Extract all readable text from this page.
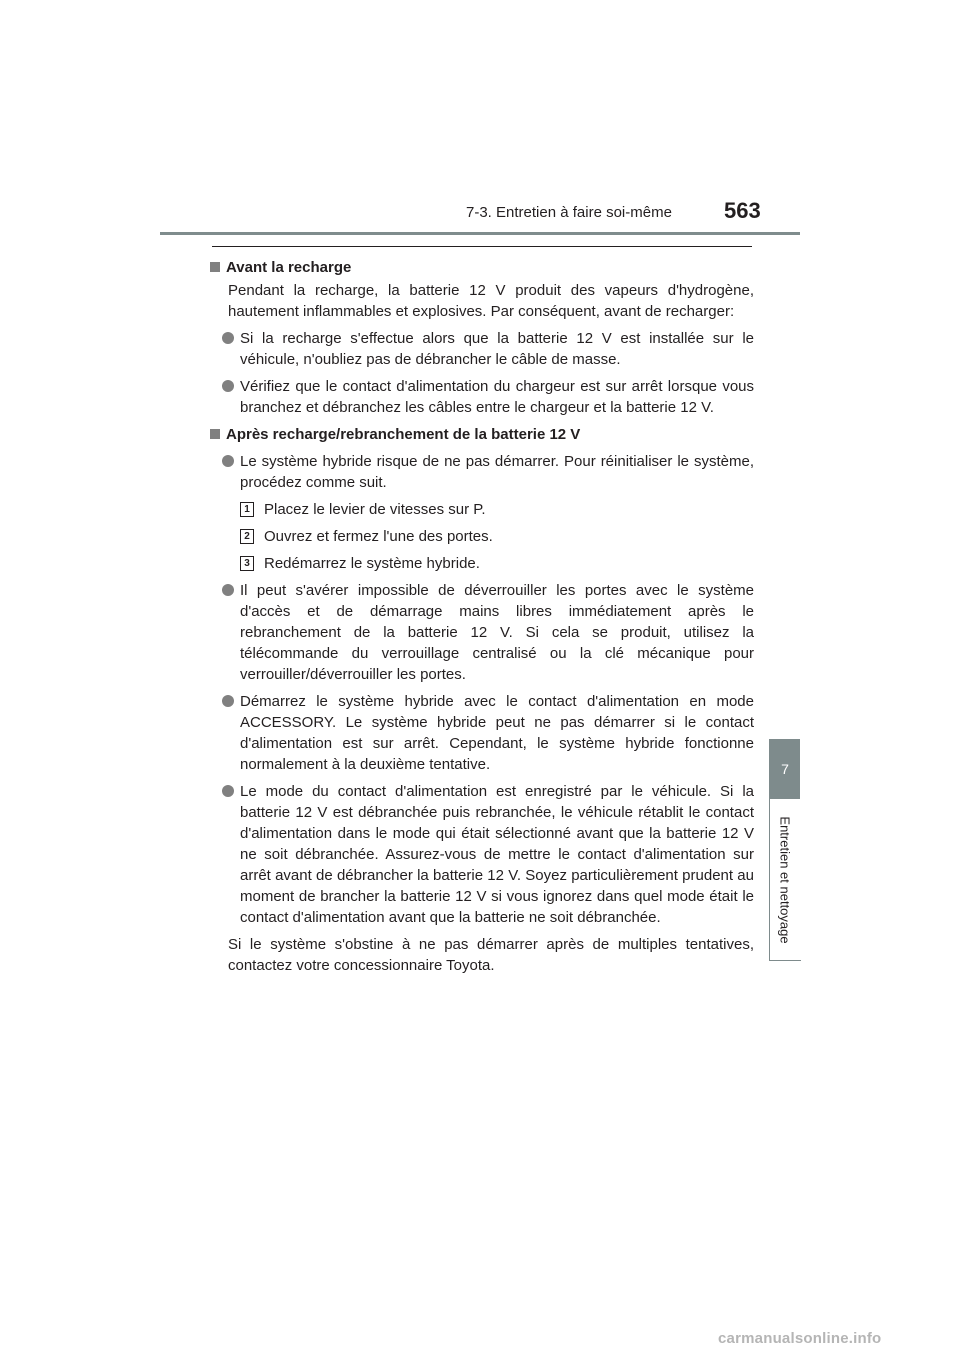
7-3. Entretien à faire soi-même 563
7
Entretien et nettoyage
Avant la recharge
Pendant la recharge, la batterie 12 V produit des vapeurs d'hydrogène, hautement inflammables et explosives. Par conséquent, avant de recharger:
Si la recharge s'effectue alors que la batterie 12 V est installée sur le véhicule, n'oubliez pas de débrancher le câble de masse.
Vérifiez que le contact d'alimentation du chargeur est sur arrêt lorsque vous branchez et débranchez les câbles entre le chargeur et la batterie 12 V.
Après recharge/rebranchement de la batterie 12 V
Le système hybride risque de ne pas démarrer. Pour réinitialiser le système, procédez comme suit.
1 Placez le levier de vitesses sur P.
2 Ouvrez et fermez l'une des portes.
3 Redémarrez le système hybride.
Il peut s'avérer impossible de déverrouiller les portes avec le système d'accès et de démarrage mains libres immédiatement après le rebranchement de la batterie 12 V. Si cela se produit, utilisez la télécommande du verrouillage centralisé ou la clé mécanique pour verrouiller/déverrouiller les portes.
Démarrez le système hybride avec le contact d'alimentation en mode ACCESSORY. Le système hybride peut ne pas démarrer si le contact d'alimentation est sur arrêt. Cependant, le système hybride fonctionne normalement à la deuxième tentative.
Le mode du contact d'alimentation est enregistré par le véhicule. Si la batterie 12 V est débranchée puis rebranchée, le véhicule rétablit le contact d'alimentation dans le mode qui était sélectionné avant que la batterie 12 V ne soit débranchée. Assurez-vous de mettre le contact d'alimentation sur arrêt avant de débrancher la batterie 12 V. Soyez particulièrement prudent au moment de brancher la batterie 12 V si vous ignorez dans quel mode était le contact d'alimentation avant que la batterie ne soit débranchée.
Si le système s'obstine à ne pas démarrer après de multiples tentatives, contactez votre concessionnaire Toyota.
carmanualsonline.info
